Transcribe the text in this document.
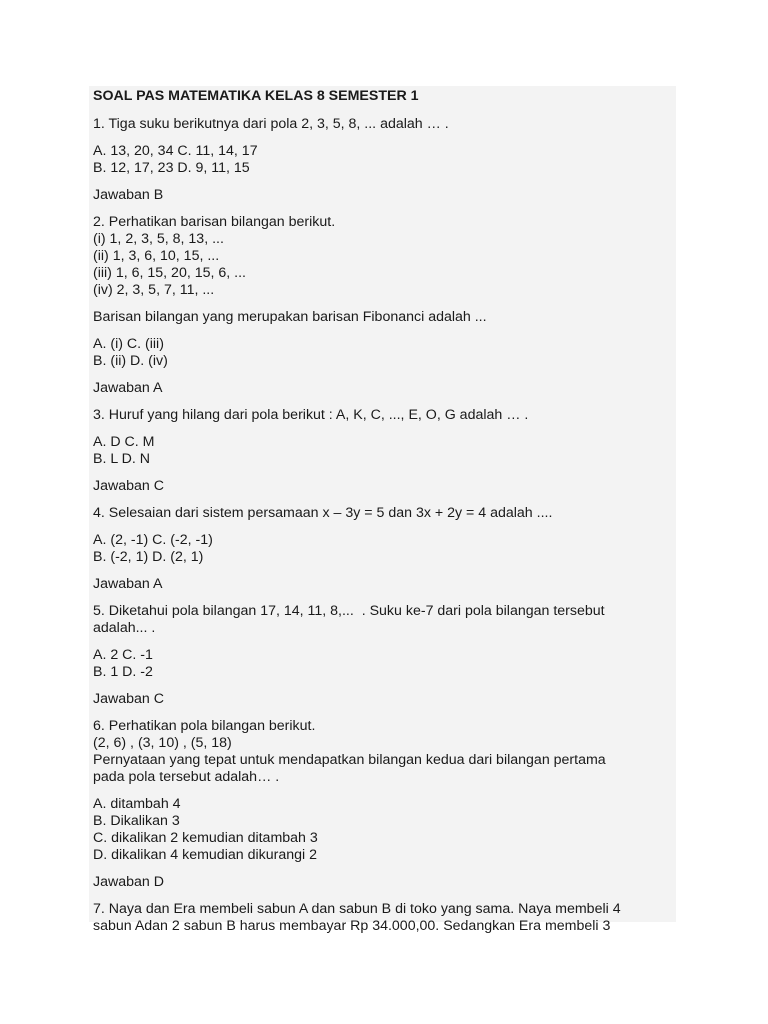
SOAL PAS MATEMATIKA KELAS 8 SEMESTER 1
1. Tiga suku berikutnya dari pola 2, 3, 5, 8, ... adalah … .
A. 13, 20, 34 C. 11, 14, 17
B. 12, 17, 23 D. 9, 11, 15
Jawaban B
2. Perhatikan barisan bilangan berikut.
(i) 1, 2, 3, 5, 8, 13, ...
(ii) 1, 3, 6, 10, 15, ...
(iii) 1, 6, 15, 20, 15, 6, ...
(iv) 2, 3, 5, 7, 11, ...
Barisan bilangan yang merupakan barisan Fibonanci adalah ...
A. (i) C. (iii)
B. (ii) D. (iv)
Jawaban A
3. Huruf yang hilang dari pola berikut : A, K, C, ..., E, O, G adalah … .
A. D C. M
B. L D. N
Jawaban C
4. Selesaian dari sistem persamaan x – 3y = 5 dan 3x + 2y = 4 adalah ....
A. (2, -1) C. (-2, -1)
B. (-2, 1) D. (2, 1)
Jawaban A
5. Diketahui pola bilangan 17, 14, 11, 8,...  . Suku ke-7 dari pola bilangan tersebut
adalah... .
A. 2 C. -1
B. 1 D. -2
Jawaban C
6. Perhatikan pola bilangan berikut.
(2, 6) , (3, 10) , (5, 18)
Pernyataan yang tepat untuk mendapatkan bilangan kedua dari bilangan pertama
pada pola tersebut adalah… .
A. ditambah 4
B. Dikalikan 3
C. dikalikan 2 kemudian ditambah 3
D. dikalikan 4 kemudian dikurangi 2
Jawaban D
7. Naya dan Era membeli sabun A dan sabun B di toko yang sama. Naya membeli 4
sabun Adan 2 sabun B harus membayar Rp 34.000,00. Sedangkan Era membeli 3
